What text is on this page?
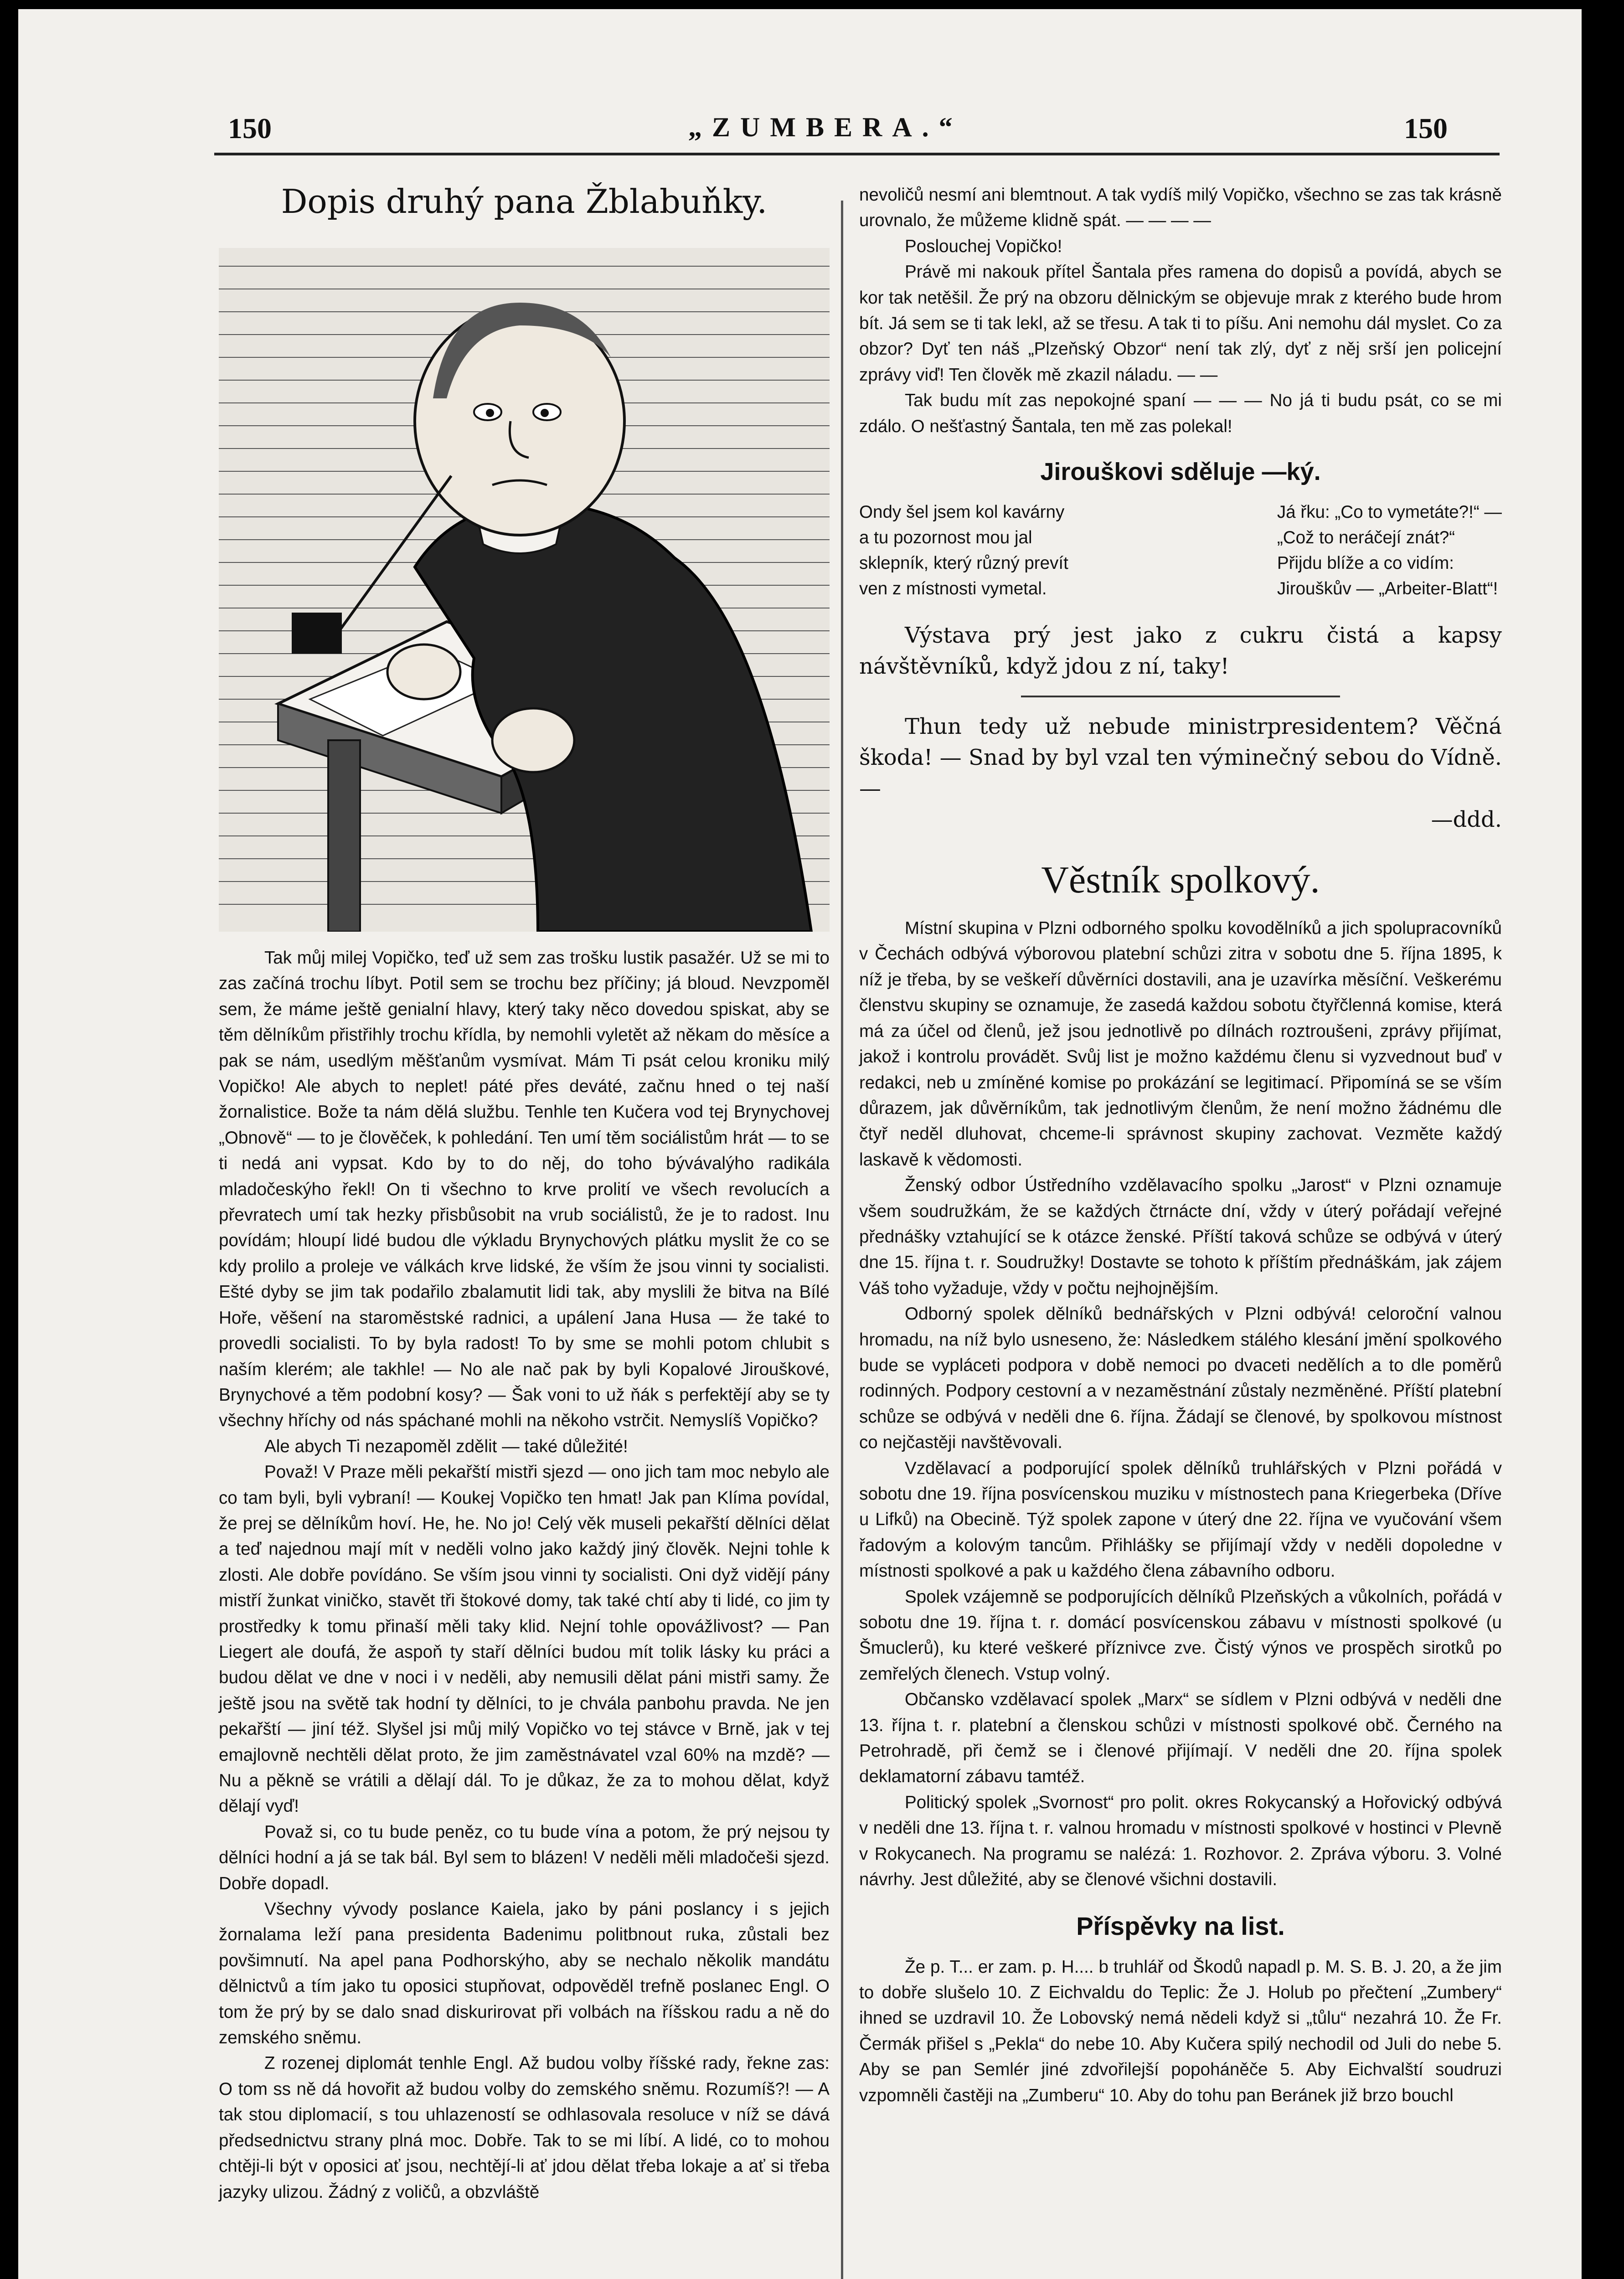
150	„ZUMBERA.“	150
Dopis druhý pana Žblabuňky.

Tak můj milej Vopičko, teď už sem zas trošku lustik pasažér. Už se mi to zas začíná trochu líbyt. Potil sem se trochu bez příčiny; já bloud. Nevzpoměl sem, že máme ještě genialní hlavy, který taky něco dovedou spiskat, aby se těm dělníkům přistřihly trochu křídla, by nemohli vyletět až někam do měsíce a pak se nám, usedlým měšťanům vysmívat. Mám Ti psát celou kroniku milý Vopičko! Ale abych to neplet! páté přes deváté, začnu hned o tej naší žornalistice. Bože ta nám dělá službu. Tenhle ten Kučera vod tej Brynychovej „Obnově“ — to je člověček, k pohledání. Ten umí těm sociálistům hrát — to se ti nedá ani vypsat. Kdo by to do něj, do toho bývávalýho radikála mladočeskýho řekl! On ti všechno to krve prolití ve všech revolucích a převratech umí tak hezky přisbůsobit na vrub sociálistů, že je to radost. Inu povídám; hloupí lidé budou dle výkladu Brynychových plátku myslit že co se kdy prolilo a proleje ve válkách krve lidské, že vším že jsou vinni ty socialisti. Ešté dyby se jim tak podařilo zbalamutit lidi tak, aby myslili že bitva na Bílé Hoře, věšení na staroměstské radnici, a upálení Jana Husa — že také to provedli socialisti. To by byla radost! To by sme se mohli potom chlubit s naším klerém; ale takhle! — No ale nač pak by byli Kopalové Jirouškové, Brynychové a těm podobní kosy? — Šak voni to už ňák s perfektějí aby se ty všechny hříchy od nás spáchané mohli na někoho vstrčit. Nemyslíš Vopičko?

Ale abych Ti nezapoměl zdělit — také důležité!

Považ! V Praze měli pekařští mistři sjezd — ono jich tam moc nebylo ale co tam byli, byli vybraní! — Koukej Vopičko ten hmat! Jak pan Klíma povídal, že prej se dělníkům hoví. He, he. No jo! Celý věk museli pekařští dělníci dělat a teď najednou mají mít v neděli volno jako každý jiný člověk. Nejni tohle k zlosti. Ale dobře povídáno. Se vším jsou vinni ty socialisti. Oni dyž vidějí pány mistří žunkat viničko, stavět tři štokové domy, tak také chtí aby ti lidé, co jim ty prostředky k tomu přinaší měli taky klid. Nejní tohle opovážlivost? — Pan Liegert ale doufá, že aspoň ty staří dělníci budou mít tolik lásky ku práci a budou dělat ve dne v noci i v neděli, aby nemusili dělat páni mistři samy. Že ještě jsou na světě tak hodní ty dělníci, to je chvála panbohu pravda. Ne jen pekařští — jiní též. Slyšel jsi můj milý Vopičko vo tej stávce v Brně, jak v tej emajlovně nechtěli dělat proto, že jim zaměstnávatel vzal 60% na mzdě? — Nu a pěkně se vrátili a dělají dál. To je důkaz, že za to mohou dělat, když dělají vyď!

Považ si, co tu bude peněz, co tu bude vína a potom, že prý nejsou ty dělníci hodní a já se tak bál. Byl sem to blázen! V neděli měli mladočeši sjezd. Dobře dopadl.

Všechny vývody poslance Kaiela, jako by páni poslancy i s jejich žornalama leží pana presidenta Badenimu politbnout ruka, zůstali bez povšimnutí. Na apel pana Podhorskýho, aby se nechalo několik mandátu dělnictvů a tím jako tu oposici stupňovat, odpověděl trefně poslanec Engl. O tom že prý by se dalo snad diskurirovat při volbách na říšskou radu a ně do zemského sněmu.

Z rozenej diplomát tenhle Engl. Až budou volby říšské rady, řekne zas: O tom ss ně dá hovořit až budou volby do zemského sněmu. Rozumíš?! — A tak stou diplomacií, s tou uhlazeností se odhlasovala resoluce v níž se dává předsednictvu strany plná moc. Dobře. Tak to se mi líbí. A lidé, co to mohou chtěji-li být v oposici ať jsou, nechtějí-li ať jdou dělat třeba lokaje a ať si třeba jazyky ulizou. Žádný z voličů, a obzvláště

nevoličů nesmí ani blemtnout. A tak vydíš milý Vopičko, všechno se zas tak krásně urovnalo, že můžeme klidně spát. — — — —

Poslouchej Vopičko!

Právě mi nakouk přítel Šantala přes ramena do dopisů a povídá, abych se kor tak netěšil. Že prý na obzoru dělnickým se objevuje mrak z kterého bude hrom bít. Já sem se ti tak lekl, až se třesu. A tak ti to píšu. Ani nemohu dál myslet. Co za obzor? Dyť ten náš „Plzeňský Obzor“ není tak zlý, dyť z něj srší jen policejní zprávy viď! Ten člověk mě zkazil náladu. — —

Tak budu mít zas nepokojné spaní — — — No já ti budu psát, co se mi zdálo. O nešťastný Šantala, ten mě zas polekal!

Jirouškovi sděluje —ký.
Ondy šel jsem kol kavárny
a tu pozornost mou jal
sklepník, který různý prevít
ven z místnosti vymetal.
Já řku: „Co to vymetáte?!“ —
„Což to neráčejí znát?“
Přijdu blíže a co vidím:
Jirouškův — „Arbeiter-Blatt“!

Výstava prý jest jako z cukru čistá a kapsy návštěvníků, když jdou z ní, taky!

Thun tedy už nebude ministrpresidentem? Věčná škoda! — Snad by byl vzal ten výminečný sebou do Vídně. —

—ddd.

Věstník spolkový.

Místní skupina v Plzni odborného spolku kovodělníků a jich spolupracovníků v Čechách odbývá výborovou platební schůzi zitra v sobotu dne 5. října 1895, k níž je třeba, by se veškeří důvěrníci dostavili, ana je uzavírka měsíční. Veškerému členstvu skupiny se oznamuje, že zasedá každou sobotu čtyřčlenná komise, která má za účel od členů, jež jsou jednotlivě po dílnách roztroušeni, zprávy přijímat, jakož i kontrolu provádět. Svůj list je možno každému členu si vyzvednout buď v redakci, neb u zmíněné komise po prokázání se legitimací. Připomíná se se vším důrazem, jak důvěrníkům, tak jednotlivým členům, že není možno žádnému dle čtyř neděl dluhovat, chceme-li správnost skupiny zachovat. Vezměte každý laskavě k vědomosti.

Ženský odbor Ústředního vzdělavacího spolku „Jarost“ v Plzni oznamuje všem soudružkám, že se každých čtrnácte dní, vždy v úterý pořádají veřejné přednášky vztahující se k otázce ženské. Příští taková schůze se odbývá v úterý dne 15. října t. r. Soudružky! Dostavte se tohoto k příštím přednáškám, jak zájem Váš toho vyžaduje, vždy v počtu nejhojnějším.

Odborný spolek dělníků bednářských v Plzni odbývá! celoroční valnou hromadu, na níž bylo usneseno, že: Následkem stálého klesání jmění spolkového bude se vypláceti podpora v době nemoci po dvaceti nedělích a to dle poměrů rodinných. Podpory cestovní a v nezaměstnání zůstaly nezměněné. Příští platební schůze se odbývá v neděli dne 6. října. Žádají se členové, by spolkovou místnost co nejčastěji navštěvovali.

Vzdělavací a podporující spolek dělníků truhlářských v Plzni pořádá v sobotu dne 19. října posvícenskou muziku v místnostech pana Kriegerbeka (Dříve u Lifků) na Obecině. Týž spolek zapone v úterý dne 22. října ve vyučování všem řadovým a kolovým tancům. Přihlášky se přijímají vždy v neděli dopoledne v místnosti spolkové a pak u každého člena zábavního odboru.

Spolek vzájemně se podporujících dělníků Plzeňských a vůkolních, pořádá v sobotu dne 19. října t. r. domácí posvícenskou zábavu v místnosti spolkové (u Šmuclerů), ku které veškeré příznivce zve. Čistý výnos ve prospěch sirotků po zemřelých členech. Vstup volný.

Občansko vzdělavací spolek „Marx“ se sídlem v Plzni odbývá v neděli dne 13. října t. r. platební a členskou schůzi v místnosti spolkové obč. Černého na Petrohradě, při čemž se i členové přijímají. V neděli dne 20. října spolek deklamatorní zábavu tamtéž.

Politický spolek „Svornost“ pro polit. okres Rokycanský a Hořovický odbývá v neděli dne 13. října t. r. valnou hromadu v místnosti spolkové v hostinci v Plevně v Rokycanech. Na programu se nalézá: 1. Rozhovor. 2. Zpráva výboru. 3. Volné návrhy. Jest důležité, aby se členové všichni dostavili.

Příspěvky na list.

Že p. T... er zam. p. H.... b truhlář od Škodů napadl p. M. S. B. J. 20, a že jim to dobře slušelo 10. Z Eichvaldu do Teplic: Že J. Holub po přečtení „Zumbery“ ihned se uzdravil 10. Že Lobovský nemá nědeli když si „tůlu“ nezahrá 10. Že Fr. Čermák přišel s „Pekla“ do nebe 10. Aby Kučera spilý nechodil od Juli do nebe 5. Aby se pan Semlér jiné zdvořilejší popoháněče 5. Aby Eichvalští soudruzi vzpomněli častěji na „Zumberu“ 10. Aby do tohu pan Beránek již brzo bouchl
